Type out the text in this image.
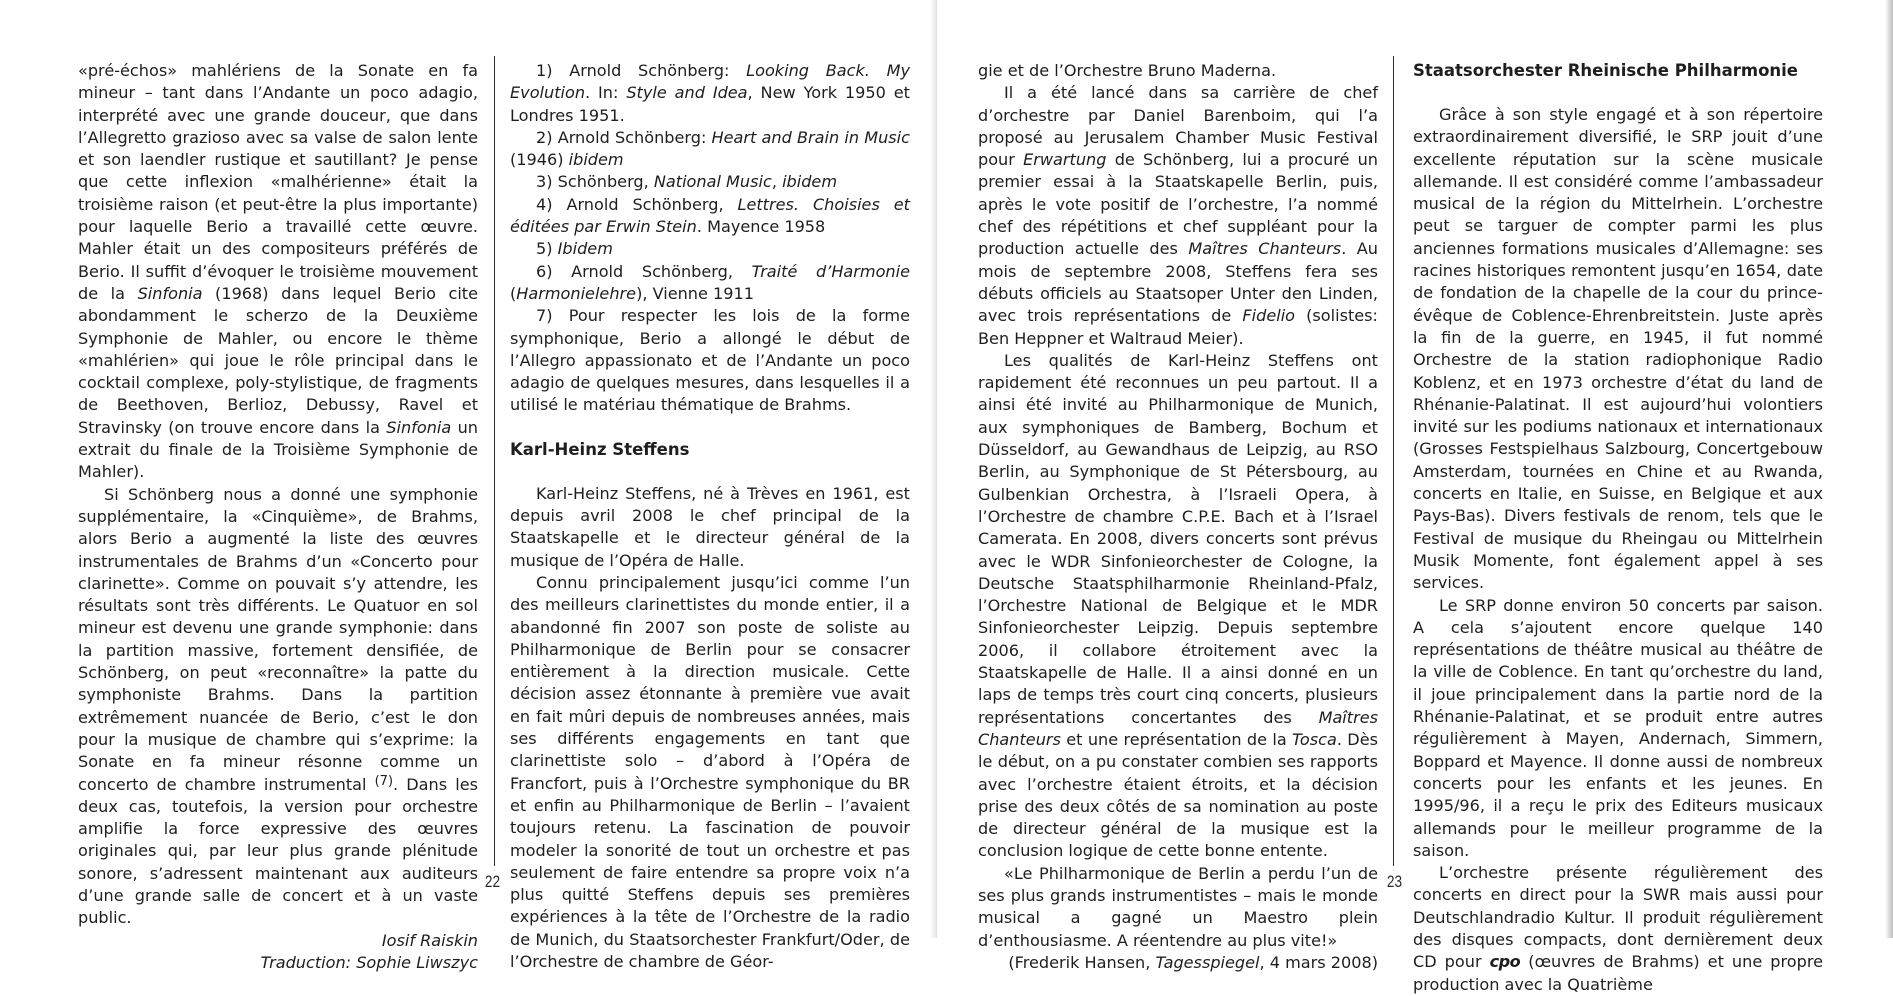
«pré-échos» mahlériens de la Sonate en fa mineur – tant dans l’Andante un poco adagio, interprété avec une grande douceur, que dans l’Allegretto grazioso avec sa valse de salon lente et son laendler rustique et sautillant? Je pense que cette inflexion «malhérienne» était la troisième raison (et peut-être la plus importante) pour laquelle Berio a travaillé cette œuvre. Mahler était un des compositeurs préférés de Berio. Il suffit d’évoquer le troisième mouvement de la Sinfonia (1968) dans lequel Berio cite abondamment le scherzo de la Deuxième Symphonie de Mahler, ou encore le thème «mahlérien» qui joue le rôle principal dans le cocktail complexe, poly-stylistique, de fragments de Beethoven, Berlioz, Debussy, Ravel et Stravinsky (on trouve encore dans la Sinfonia un extrait du finale de la Troisième Symphonie de Mahler).

Si Schönberg nous a donné une symphonie supplémentaire, la «Cinquième», de Brahms, alors Berio a augmenté la liste des œuvres instrumentales de Brahms d’un «Concerto pour clarinette». Comme on pouvait s’y attendre, les résultats sont très différents. Le Quatuor en sol mineur est devenu une grande symphonie: dans la partition massive, fortement densifiée, de Schönberg, on peut «reconnaître» la patte du symphoniste Brahms. Dans la partition extrêmement nuancée de Berio, c’est le don pour la musique de chambre qui s’exprime: la Sonate en fa mineur résonne comme un concerto de chambre instrumental $^{(7)}$. Dans les deux cas, toutefois, la version pour orchestre amplifie la force expressive des œuvres originales qui, par leur plus grande plénitude sonore, s’adressent maintenant aux auditeurs d’une grande salle de concert et à un vaste public.

Iosif Raiskin

Traduction: Sophie Liwszyc

1) Arnold Schönberg: Looking Back. My Evolution. In: Style and Idea, New York 1950 et Londres 1951.

2) Arnold Schönberg: Heart and Brain in Music (1946) ibidem

3) Schönberg, National Music, ibidem

4) Arnold Schönberg, Lettres. Choisies et éditées par Erwin Stein. Mayence 1958

5) Ibidem

6) Arnold Schönberg, Traité d’Harmonie (Harmonielehre), Vienne 1911

7) Pour respecter les lois de la forme symphonique, Berio a allongé le début de l’Allegro appassionato et de l’Andante un poco adagio de quelques mesures, dans lesquelles il a utilisé le matériau thématique de Brahms.

Karl-Heinz Steffens

Karl-Heinz Steffens, né à Trèves en 1961, est depuis avril 2008 le chef principal de la Staatskapelle et le directeur général de la musique de l’Opéra de Halle.

Connu principalement jusqu’ici comme l’un des meilleurs clarinettistes du monde entier, il a abandonné fin 2007 son poste de soliste au Philharmonique de Berlin pour se consacrer entièrement à la direction musicale. Cette décision assez étonnante à première vue avait en fait mûri depuis de nombreuses années, mais ses différents engagements en tant que clarinettiste solo – d’abord à l’Opéra de Francfort, puis à l’Orchestre symphonique du BR et enfin au Philharmonique de Berlin – l’avaient toujours retenu. La fascination de pouvoir modeler la sonorité de tout un orchestre et pas seulement de faire entendre sa propre voix n’a plus quitté Steffens depuis ses premières expériences à la tête de l’Orchestre de la radio de Munich, du Staatsorchester Frankfurt/Oder, de l’Orchestre de chambre de Géor-

22

gie et de l’Orchestre Bruno Maderna.

Il a été lancé dans sa carrière de chef d’orchestre par Daniel Barenboim, qui l’a proposé au Jerusalem Chamber Music Festival pour Erwartung de Schönberg, lui a procuré un premier essai à la Staatskapelle Berlin, puis, après le vote positif de l’orchestre, l’a nommé chef des répétitions et chef suppléant pour la production actuelle des Maîtres Chanteurs. Au mois de septembre 2008, Steffens fera ses débuts officiels au Staatsoper Unter den Linden, avec trois représentations de Fidelio (solistes: Ben Heppner et Waltraud Meier).

Les qualités de Karl-Heinz Steffens ont rapidement été reconnues un peu partout. Il a ainsi été invité au Philharmonique de Munich, aux symphoniques de Bamberg, Bochum et Düsseldorf, au Gewandhaus de Leipzig, au RSO Berlin, au Symphonique de St Pétersbourg, au Gulbenkian Orchestra, à l’Israeli Opera, à l’Orchestre de chambre C.P.E. Bach et à l’Israel Camerata. En 2008, divers concerts sont prévus avec le WDR Sinfonieorchester de Cologne, la Deutsche Staatsphilharmonie Rheinland-Pfalz, l’Orchestre National de Belgique et le MDR Sinfonieorchester Leipzig. Depuis septembre 2006, il collabore étroitement avec la Staatskapelle de Halle. Il a ainsi donné en un laps de temps très court cinq concerts, plusieurs représentations concertantes des Maîtres Chanteurs et une représentation de la Tosca. Dès le début, on a pu constater combien ses rapports avec l’orchestre étaient étroits, et la décision prise des deux côtés de sa nomination au poste de directeur général de la musique est la conclusion logique de cette bonne entente.

«Le Philharmonique de Berlin a perdu l’un de ses plus grands instrumentistes – mais le monde musical a gagné un Maestro plein d’enthousiasme. A réentendre au plus vite!»

(Frederik Hansen, Tagesspiegel, 4 mars 2008)

Staatsorchester Rheinische Philharmonie

Grâce à son style engagé et à son répertoire extraordinairement diversifié, le SRP jouit d’une excellente réputation sur la scène musicale allemande. Il est considéré comme l’ambassadeur musical de la région du Mittelrhein. L’orchestre peut se targuer de compter parmi les plus anciennes formations musicales d’Allemagne: ses racines historiques remontent jusqu’en 1654, date de fondation de la chapelle de la cour du prince-évêque de Coblence-Ehrenbreitstein. Juste après la fin de la guerre, en 1945, il fut nommé Orchestre de la station radiophonique Radio Koblenz, et en 1973 orchestre d’état du land de Rhénanie-Palatinat. Il est aujourd’hui volontiers invité sur les podiums nationaux et internationaux (Grosses Festspielhaus Salzbourg, Concertgebouw Amsterdam, tournées en Chine et au Rwanda, concerts en Italie, en Suisse, en Belgique et aux Pays-Bas). Divers festivals de renom, tels que le Festival de musique du Rheingau ou Mittelrhein Musik Momente, font également appel à ses services.

Le SRP donne environ 50 concerts par saison. A cela s’ajoutent encore quelque 140 représentations de théâtre musical au théâtre de la ville de Coblence. En tant qu’orchestre du land, il joue principalement dans la partie nord de la Rhénanie-Palatinat, et se produit entre autres régulièrement à Mayen, Andernach, Simmern, Boppard et Mayence. Il donne aussi de nombreux concerts pour les enfants et les jeunes. En 1995/96, il a reçu le prix des Editeurs musicaux allemands pour le meilleur programme de la saison.

L’orchestre présente régulièrement des concerts en direct pour la SWR mais aussi pour Deutschlandradio Kultur. Il produit régulièrement des disques compacts, dont dernièrement deux CD pour cpo (œuvres de Brahms) et une propre production avec la Quatrième

23
